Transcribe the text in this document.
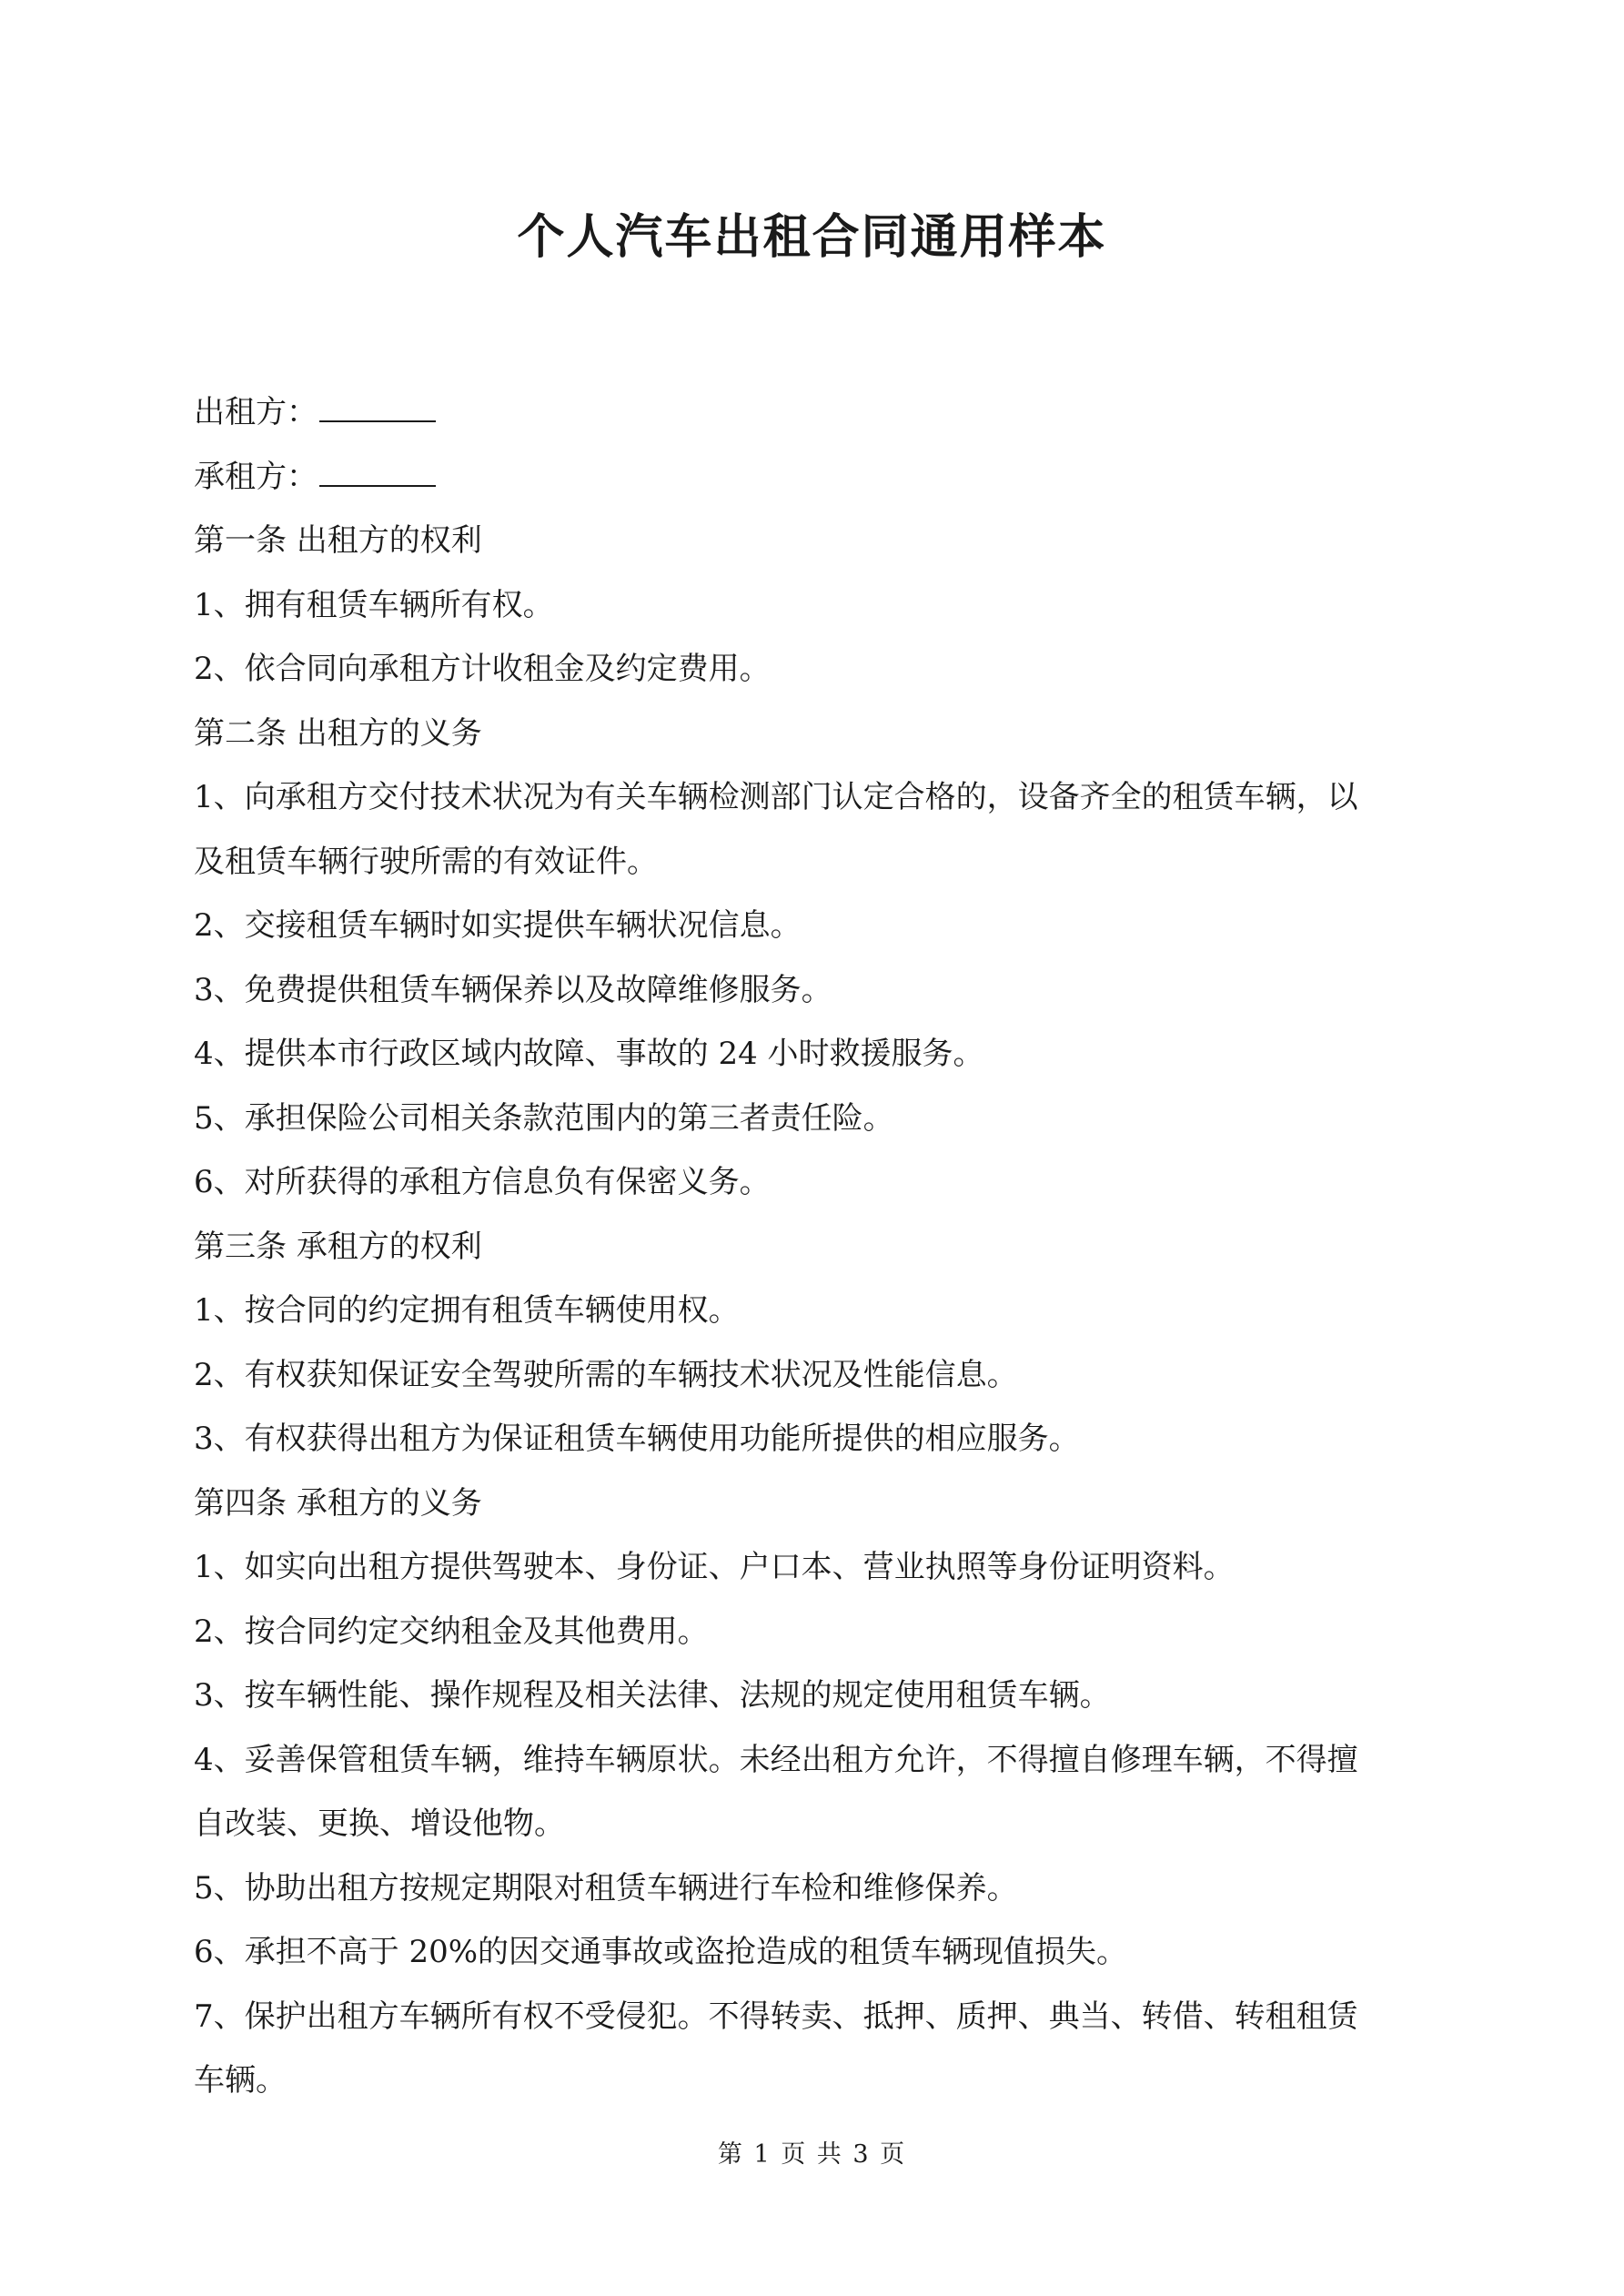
个人汽车出租合同通用样本

出租方：

承租方：

第一条 出租方的权利

1、拥有租赁车辆所有权。

2、依合同向承租方计收租金及约定费用。

第二条 出租方的义务

1、向承租方交付技术状况为有关车辆检测部门认定合格的，设备齐全的租赁车辆，以

及租赁车辆行驶所需的有效证件。

2、交接租赁车辆时如实提供车辆状况信息。

3、免费提供租赁车辆保养以及故障维修服务。

4、提供本市行政区域内故障、事故的 24 小时救援服务。

5、承担保险公司相关条款范围内的第三者责任险。

6、对所获得的承租方信息负有保密义务。

第三条 承租方的权利

1、按合同的约定拥有租赁车辆使用权。

2、有权获知保证安全驾驶所需的车辆技术状况及性能信息。

3、有权获得出租方为保证租赁车辆使用功能所提供的相应服务。

第四条 承租方的义务

1、如实向出租方提供驾驶本、身份证、户口本、营业执照等身份证明资料。

2、按合同约定交纳租金及其他费用。

3、按车辆性能、操作规程及相关法律、法规的规定使用租赁车辆。

4、妥善保管租赁车辆，维持车辆原状。未经出租方允许，不得擅自修理车辆，不得擅

自改装、更换、增设他物。

5、协助出租方按规定期限对租赁车辆进行车检和维修保养。

6、承担不高于 20%的因交通事故或盗抢造成的租赁车辆现值损失。

7、保护出租方车辆所有权不受侵犯。不得转卖、抵押、质押、典当、转借、转租租赁

车辆。

第 1 页 共 3 页
